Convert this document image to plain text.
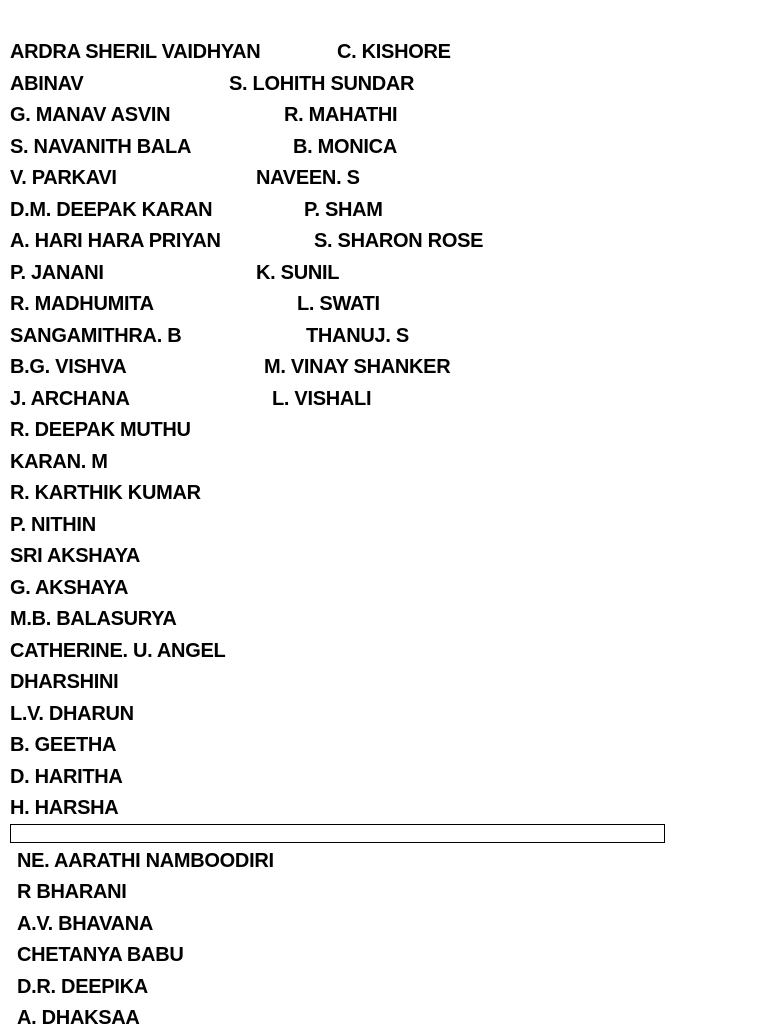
ARDRA SHERIL VAIDHYAN	C. KISHORE
ABINAV	S. LOHITH SUNDAR
G. MANAV ASVIN	R. MAHATHI
S. NAVANITH BALA	B. MONICA
V. PARKAVI	NAVEEN. S
D.M. DEEPAK KARAN	P. SHAM
A. HARI HARA PRIYAN	S. SHARON ROSE
P. JANANI	K. SUNIL
R. MADHUMITA	L. SWATI
SANGAMITHRA. B	THANUJ. S
B.G. VISHVA	M. VINAY SHANKER
J. ARCHANA	L. VISHALI
R. DEEPAK MUTHU
KARAN. M
R. KARTHIK KUMAR
P. NITHIN
SRI AKSHAYA
G. AKSHAYA
M.B. BALASURYA
CATHERINE. U. ANGEL
DHARSHINI
L.V. DHARUN
B. GEETHA
D. HARITHA
H. HARSHA
NE. AARATHI NAMBOODIRI
R BHARANI
A.V. BHAVANA
CHETANYA BABU
D.R. DEEPIKA
A. DHAKSAA
